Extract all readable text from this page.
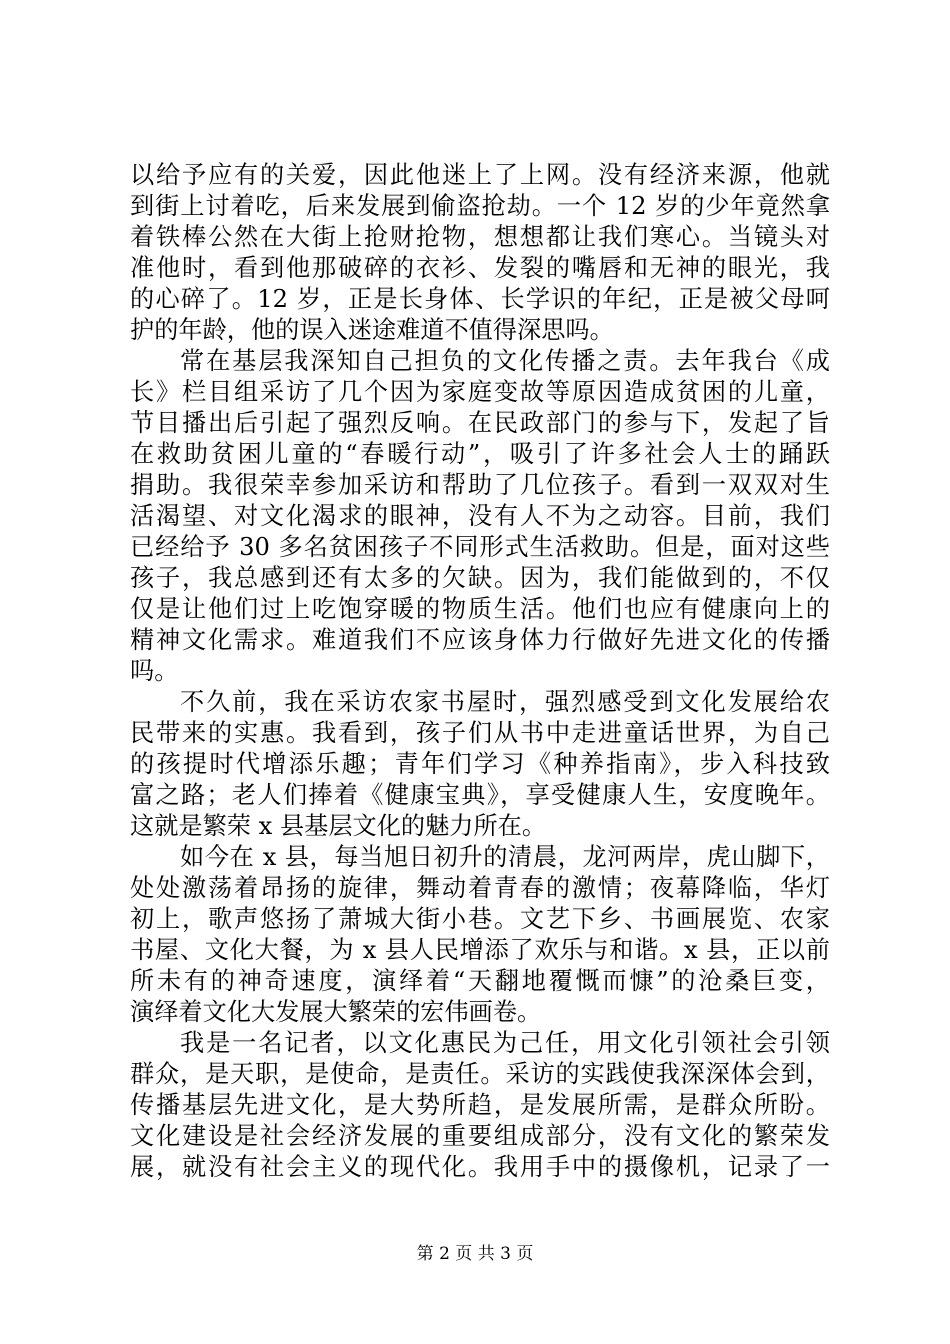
以给予应有的关爱，因此他迷上了上网。没有经济来源，他就
到街上讨着吃，后来发展到偷盗抢劫。一个 12 岁的少年竟然拿
着铁棒公然在大街上抢财抢物，想想都让我们寒心。当镜头对
准他时，看到他那破碎的衣衫、发裂的嘴唇和无神的眼光，我
的心碎了。12 岁，正是长身体、长学识的年纪，正是被父母呵
护的年龄，他的误入迷途难道不值得深思吗。
常在基层我深知自己担负的文化传播之责。去年我台《成
长》栏目组采访了几个因为家庭变故等原因造成贫困的儿童，
节目播出后引起了强烈反响。在民政部门的参与下，发起了旨
在救助贫困儿童的“春暖行动”，吸引了许多社会人士的踊跃
捐助。我很荣幸参加采访和帮助了几位孩子。看到一双双对生
活渴望、对文化渴求的眼神，没有人不为之动容。目前，我们
已经给予 30 多名贫困孩子不同形式生活救助。但是，面对这些
孩子，我总感到还有太多的欠缺。因为，我们能做到的，不仅
仅是让他们过上吃饱穿暖的物质生活。他们也应有健康向上的
精神文化需求。难道我们不应该身体力行做好先进文化的传播
吗。
不久前，我在采访农家书屋时，强烈感受到文化发展给农
民带来的实惠。我看到，孩子们从书中走进童话世界，为自己
的孩提时代增添乐趣；青年们学习《种养指南》，步入科技致
富之路；老人们捧着《健康宝典》，享受健康人生，安度晚年。
这就是繁荣 x 县基层文化的魅力所在。
如今在 x 县，每当旭日初升的清晨，龙河两岸，虎山脚下，
处处激荡着昂扬的旋律，舞动着青春的激情；夜幕降临，华灯
初上，歌声悠扬了萧城大街小巷。文艺下乡、书画展览、农家
书屋、文化大餐，为 x 县人民增添了欢乐与和谐。x 县，正以前
所未有的神奇速度，演绎着“天翻地覆慨而慷”的沧桑巨变，
演绎着文化大发展大繁荣的宏伟画卷。
我是一名记者，以文化惠民为己任，用文化引领社会引领
群众，是天职，是使命，是责任。采访的实践使我深深体会到，
传播基层先进文化，是大势所趋，是发展所需，是群众所盼。
文化建设是社会经济发展的重要组成部分，没有文化的繁荣发
展，就没有社会主义的现代化。我用手中的摄像机，记录了一
第 2 页 共 3 页
